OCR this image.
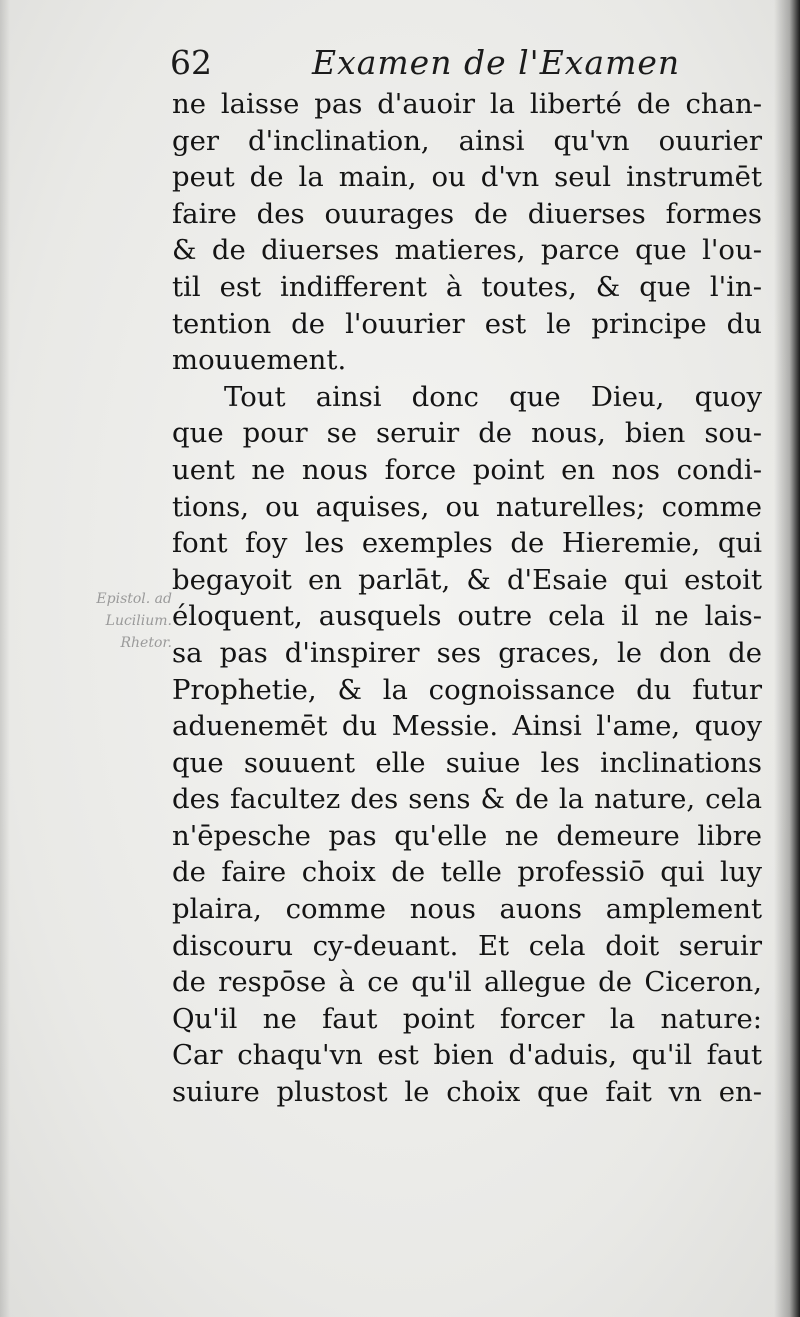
62	Examen de l'Examen
Epistol. ad
Lucilium.
Rhetor.
ne laisse pas d'auoir la liberté de chan-
ger d'inclination, ainsi qu'vn ouurier
peut de la main, ou d'vn seul instrumēt
faire des ouurages de diuerses formes
& de diuerses matieres, parce que l'ou-
til est indifferent à toutes, & que l'in-
tention de l'ouurier est le principe du
mouuement.
Tout ainsi donc que Dieu, quoy
que pour se seruir de nous, bien sou-
uent ne nous force point en nos condi-
tions, ou aquises, ou naturelles; comme
font foy les exemples de Hieremie, qui
begayoit en parlāt, & d'Esaie qui estoit
éloquent, ausquels outre cela il ne lais-
sa pas d'inspirer ses graces, le don de
Prophetie, & la cognoissance du futur
aduenemēt du Messie. Ainsi l'ame, quoy
que souuent elle suiue les inclinations
des facultez des sens & de la nature, cela
n'ēpesche pas qu'elle ne demeure libre
de faire choix de telle professiō qui luy
plaira, comme nous auons amplement
discouru cy-deuant. Et cela doit seruir
de respōse à ce qu'il allegue de Ciceron,
Qu'il ne faut point forcer la nature:
Car chaqu'vn est bien d'aduis, qu'il faut
suiure plustost le choix que fait vn en-
